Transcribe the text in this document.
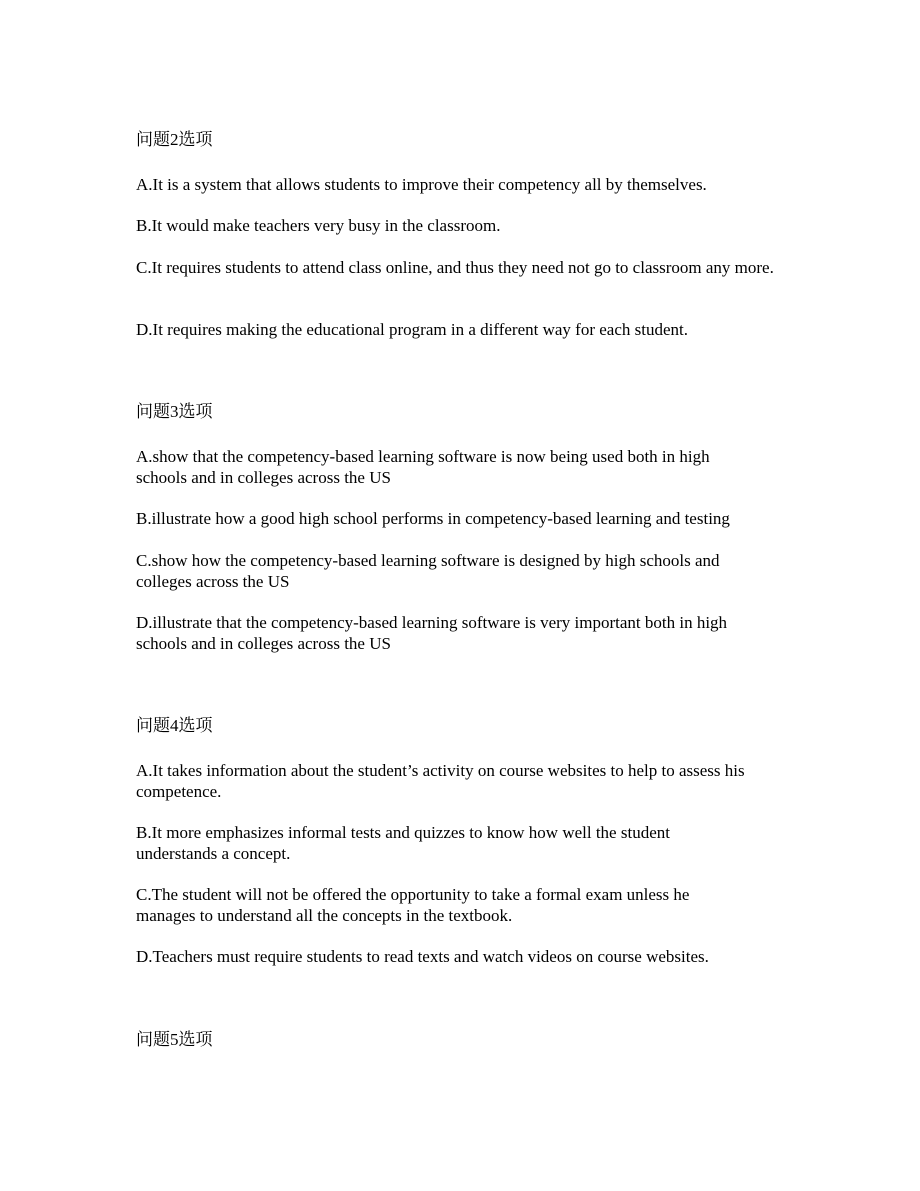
问题2选项

A.It is a system that allows students to improve their competency all by themselves.

B.It would make teachers very busy in the classroom.

C.It requires students to attend class online, and thus they need not go to classroom any more.

D.It requires making the educational program in a different way for each student.

问题3选项

A.show that the competency-based learning software is now being used both in high schools and in colleges across the US

B.illustrate how a good high school performs in competency-based learning and testing

C.show how the competency-based learning software is designed by high schools and colleges across the US

D.illustrate that the competency-based learning software is very important both in high schools and in colleges across the US

问题4选项

A.It takes information about the student’s activity on course websites to help to assess his competence.

B.It more emphasizes informal tests and quizzes to know how well the student understands a concept.

C.The student will not be offered the opportunity to take a formal exam unless he manages to understand all the concepts in the textbook.

D.Teachers must require students to read texts and watch videos on course websites.

问题5选项
